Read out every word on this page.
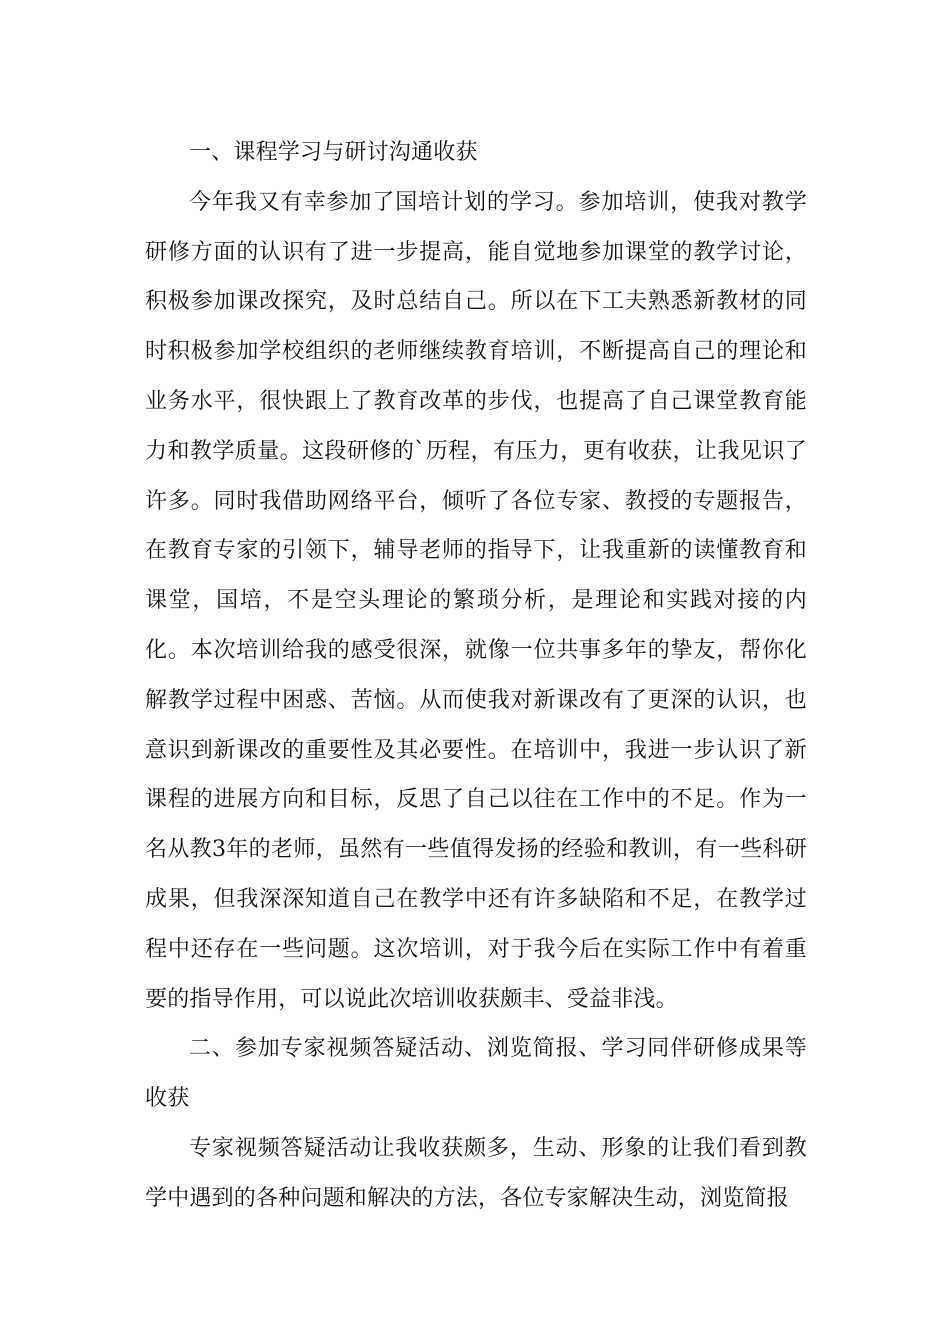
一、课程学习与研讨沟通收获

今年我又有幸参加了国培计划的学习。参加培训，使我对教学研修方面的认识有了进一步提高，能自觉地参加课堂的教学讨论，积极参加课改探究，及时总结自己。所以在下工夫熟悉新教材的同时积极参加学校组织的老师继续教育培训，不断提高自己的理论和业务水平，很快跟上了教育改革的步伐，也提高了自己课堂教育能力和教学质量。这段研修的`历程，有压力，更有收获，让我见识了许多。同时我借助网络平台，倾听了各位专家、教授的专题报告，在教育专家的引领下，辅导老师的指导下，让我重新的读懂教育和课堂，国培，不是空头理论的繁琐分析，是理论和实践对接的内化。本次培训给我的感受很深，就像一位共事多年的挚友，帮你化解教学过程中困惑、苦恼。从而使我对新课改有了更深的认识，也意识到新课改的重要性及其必要性。在培训中，我进一步认识了新课程的进展方向和目标，反思了自己以往在工作中的不足。作为一名从教3年的老师，虽然有一些值得发扬的经验和教训，有一些科研成果，但我深深知道自己在教学中还有许多缺陷和不足，在教学过程中还存在一些问题。这次培训，对于我今后在实际工作中有着重要的指导作用，可以说此次培训收获颇丰、受益非浅。

二、参加专家视频答疑活动、浏览简报、学习同伴研修成果等收获

专家视频答疑活动让我收获颇多，生动、形象的让我们看到教学中遇到的各种问题和解决的方法，各位专家解决生动，浏览简报
